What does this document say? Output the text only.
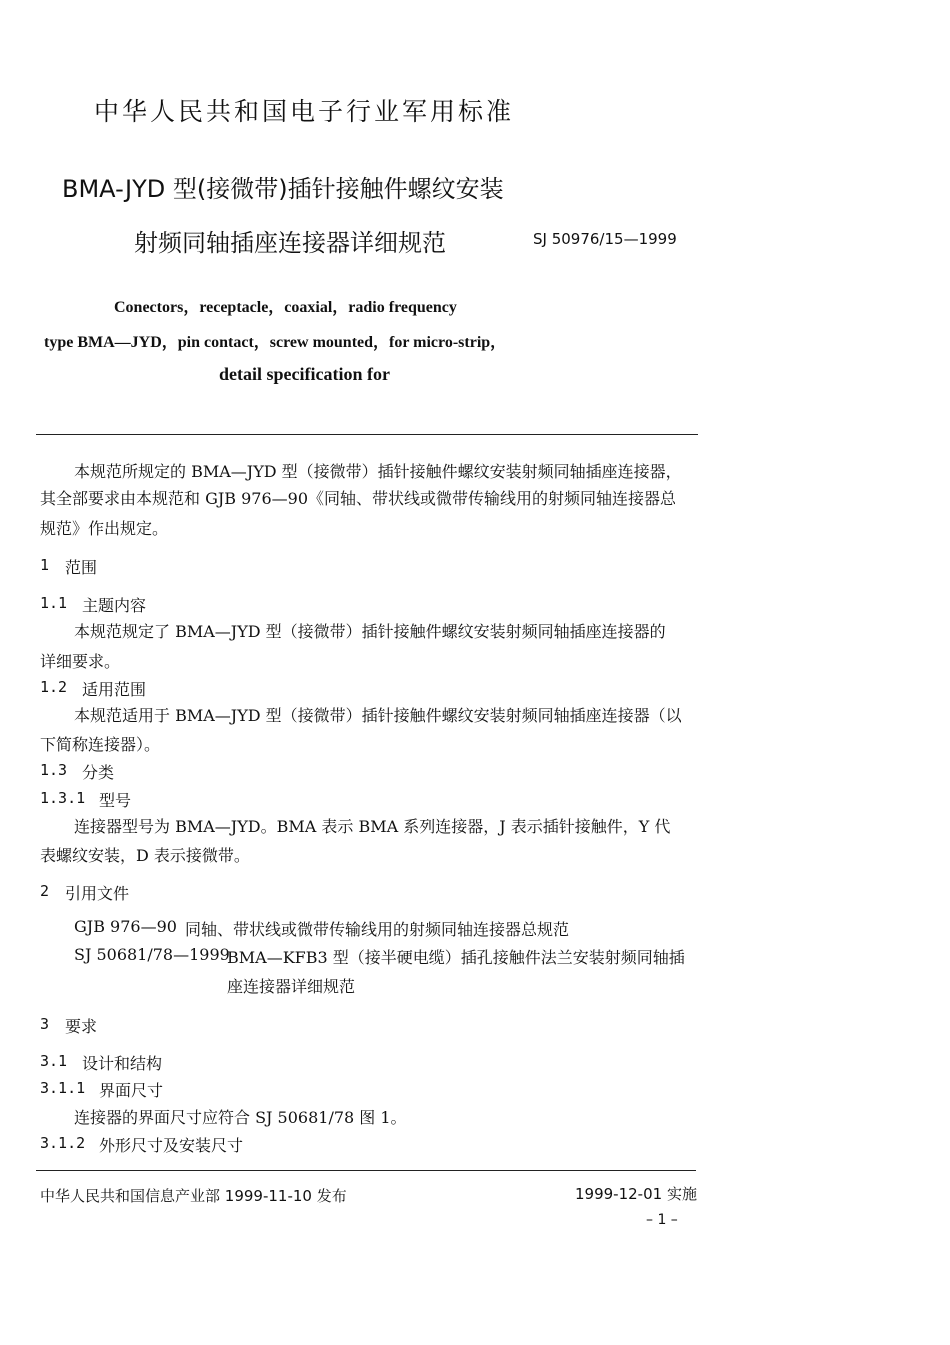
中华人民共和国电子行业军用标准
BMA-JYD 型(接微带)插针接触件螺纹安装
射频同轴插座连接器详细规范	SJ 50976/15—1999
Conectors，receptacle，coaxial，radio frequency
type BMA—JYD，pin contact，screw mounted，for micro-strip，
detail specification for
本规范所规定的 BMA—JYD 型（接微带）插针接触件螺纹安装射频同轴插座连接器，
其全部要求由本规范和 GJB 976—90《同轴、带状线或微带传输线用的射频同轴连接器总
规范》作出规定。
1 范围
1.1 主题内容
本规范规定了 BMA—JYD 型（接微带）插针接触件螺纹安装射频同轴插座连接器的
详细要求。
1.2 适用范围
本规范适用于 BMA—JYD 型（接微带）插针接触件螺纹安装射频同轴插座连接器（以
下简称连接器）。
1.3 分类
1.3.1 型号
连接器型号为 BMA—JYD。BMA 表示 BMA 系列连接器，J 表示插针接触件，Y 代
表螺纹安装，D 表示接微带。
2 引用文件
GJB 976—90 同轴、带状线或微带传输线用的射频同轴连接器总规范
SJ 50681/78—1999
BMA—KFB3 型（接半硬电缆）插孔接触件法兰安装射频同轴插
座连接器详细规范
3 要求
3.1 设计和结构
3.1.1 界面尺寸
连接器的界面尺寸应符合 SJ 50681/78 图 1。
3.1.2 外形尺寸及安装尺寸
中华人民共和国信息产业部 1999-11-10 发布	1999-12-01 实施
– 1 –
